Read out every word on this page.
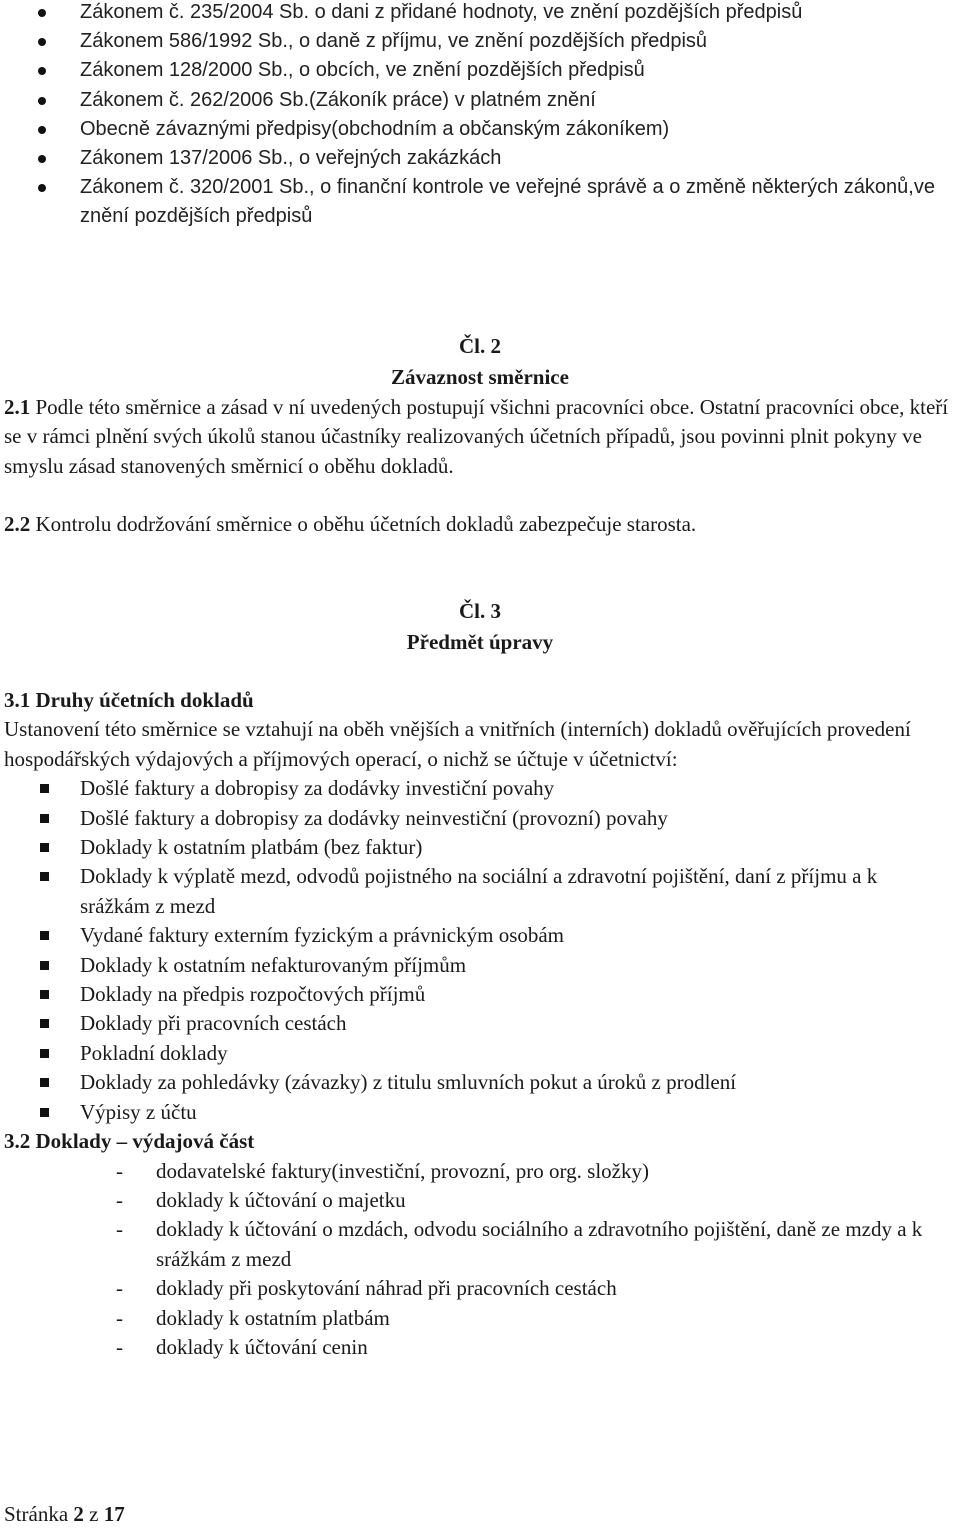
Zákonem č. 235/2004 Sb. o dani z přidané hodnoty, ve znění pozdějších předpisů
Zákonem 586/1992 Sb., o daně z příjmu, ve znění pozdějších předpisů
Zákonem 128/2000 Sb., o obcích, ve znění pozdějších předpisů
Zákonem č. 262/2006 Sb.(Zákoník práce) v platném znění
Obecně závaznými předpisy(obchodním a občanským zákoníkem)
Zákonem 137/2006 Sb., o veřejných zakázkách
Zákonem č. 320/2001 Sb., o finanční kontrole ve veřejné správě a o změně některých zákonů,ve znění pozdějších předpisů
Čl. 2
Závaznost směrnice
2.1 Podle této směrnice a zásad v ní uvedených postupují všichni pracovníci obce. Ostatní pracovníci obce, kteří se v rámci plnění svých úkolů stanou účastníky realizovaných účetních případů, jsou povinni plnit pokyny ve smyslu zásad stanovených směrnicí o oběhu dokladů.
2.2 Kontrolu dodržování směrnice o oběhu účetních dokladů zabezpečuje starosta.
Čl. 3
Předmět úpravy
3.1 Druhy účetních dokladů
Ustanovení této směrnice se vztahují na oběh vnějších a vnitřních (interních) dokladů ověřujících provedení hospodářských výdajových a příjmových operací, o nichž se účtuje v účetnictví:
Došlé faktury a dobropisy za dodávky investiční povahy
Došlé faktury a dobropisy za dodávky neinvestiční (provozní) povahy
Doklady k ostatním platbám (bez faktur)
Doklady k výplatě mezd, odvodů pojistného na sociální a zdravotní pojištění, daní z příjmu a k srážkám z mezd
Vydané faktury externím fyzickým a právnickým osobám
Doklady k ostatním nefakturovaným příjmům
Doklady na předpis rozpočtových příjmů
Doklady při pracovních cestách
Pokladní doklady
Doklady za pohledávky (závazky) z titulu smluvních pokut a úroků z prodlení
Výpisy z účtu
3.2 Doklady – výdajová část
- dodavatelské faktury(investiční, provozní, pro org. složky)
- doklady k účtování o majetku
- doklady k účtování o mzdách, odvodu sociálního a zdravotního pojištění, daně ze mzdy a k srážkám z mezd
- doklady při poskytování náhrad při pracovních cestách
- doklady k ostatním platbám
- doklady k účtování cenin
Stránka 2 z 17
